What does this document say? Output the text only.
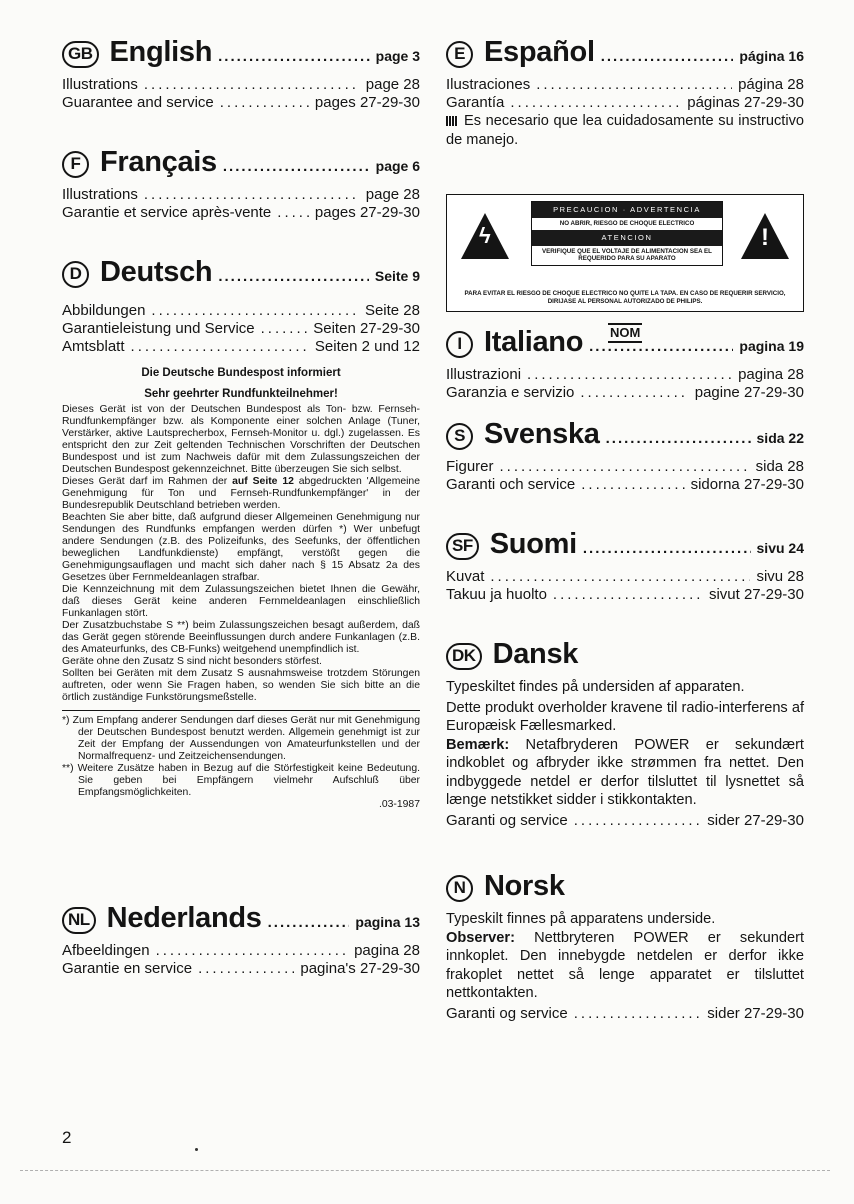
GB English .....	page 3
Illustrations .....	page 28
Guarantee and service .....	pages 27-29-30
F Français .....	page 6
Illustrations .....	page 28
Garantie et service après-vente .....	pages 27-29-30
D Deutsch .....	Seite 9
Abbildungen .....	Seite 28
Garantieleistung und Service .....	Seiten 27-29-30
Amtsblatt .....	Seiten 2 und 12
Die Deutsche Bundespost informiert
Sehr geehrter Rundfunkteilnehmer!
Dieses Gerät ist von der Deutschen Bundespost als Ton- bzw. Fernseh-Rundfunkempfänger bzw. als Komponente einer solchen Anlage (Tuner, Verstärker, aktive Lautsprecherbox, Fernseh-Monitor u. dgl.) zugelassen. Es entspricht den zur Zeit geltenden Technischen Vorschriften der Deutschen Bundespost und ist zum Nachweis dafür mit dem Zulassungszeichen der Deutschen Bundespost gekennzeichnet. Bitte überzeugen Sie sich selbst.
Dieses Gerät darf im Rahmen der auf Seite 12 abgedruckten 'Allgemeine Genehmigung für Ton und Fernseh-Rundfunkempfänger' in der Bundesrepublik Deutschland betrieben werden.
Beachten Sie aber bitte, daß aufgrund dieser Allgemeinen Genehmigung nur Sendungen des Rundfunks empfangen werden dürfen *) Wer unbefugt andere Sendungen (z.B. des Polizeifunks, des Seefunks, der öffentlichen beweglichen Landfunkdienste) empfängt, verstößt gegen die Genehmigungsauflagen und macht sich daher nach § 15 Absatz 2a des Gesetzes über Fernmeldeanlagen strafbar.
Die Kennzeichnung mit dem Zulassungszeichen bietet Ihnen die Gewähr, daß dieses Gerät keine anderen Fernmeldeanlagen einschließlich Funkanlagen stört.
Der Zusatzbuchstabe S **) beim Zulassungszeichen besagt außerdem, daß das Gerät gegen störende Beeinflussungen durch andere Funkanlagen (z.B. des Amateurfunks, des CB-Funks) weitgehend unempfindlich ist.
Geräte ohne den Zusatz S sind nicht besonders störfest.
Sollten bei Geräten mit dem Zusatz S ausnahmsweise trotzdem Störungen auftreten, oder wenn Sie Fragen haben, so wenden Sie sich bitte an die örtlich zuständige Funkstörungsmeßstelle.
*) Zum Empfang anderer Sendungen darf dieses Gerät nur mit Genehmigung der Deutschen Bundespost benutzt werden. Allgemein genehmigt ist zur Zeit der Empfang der Aussendungen von Amateurfunkstellen und der Normalfrequenz- und Zeitzeichensendungen.
**) Weitere Zusätze haben in Bezug auf die Störfestigkeit keine Bedeutung. Sie geben bei Empfängern vielmehr Aufschluß über Empfangsmöglichkeiten.
.03-1987
NL Nederlands .....	pagina 13
Afbeeldingen .....	pagina 28
Garantie en service .....	pagina's 27-29-30
E Español .....	página 16
Ilustraciones .....	página 28
Garantía .....	páginas 27-29-30
Es necesario que lea cuidadosamente su instructivo de manejo.
ϟ	!
PRECAUCION · ADVERTENCIA
NO ABRIR, RIESGO DE CHOQUE ELECTRICO
ATENCION
VERIFIQUE QUE EL VOLTAJE DE ALIMENTACION SEA EL REQUERIDO PARA SU APARATO
PARA EVITAR EL RIESGO DE CHOQUE ELECTRICO NO QUITE LA TAPA. EN CASO DE REQUERIR SERVICIO, DIRIJASE AL PERSONAL AUTORIZADO DE PHILIPS.
NOM
I Italiano .....	pagina 19
Illustrazioni .....	pagina 28
Garanzia e servizio .....	pagine 27-29-30
S Svenska .....	sida 22
Figurer .....	sida 28
Garanti och service .....	sidorna 27-29-30
SF Suomi .....	sivu 24
Kuvat .....	sivu 28
Takuu ja huolto .....	sivut 27-29-30
DK Dansk
Typeskiltet findes på undersiden af apparaten.
Dette produkt overholder kravene til radio-interferens af Europæisk Fællesmarked.
Bemærk: Netafbryderen POWER er sekundært indkoblet og afbryder ikke strømmen fra nettet. Den indbyggede netdel er derfor tilsluttet til lysnettet så længe netstikket sidder i stikkontakten.
Garanti og service .....	sider 27-29-30
N Norsk
Typeskilt finnes på apparatens underside.
Observer: Nettbryteren POWER er sekundert innkoplet. Den innebygde netdelen er derfor ikke frakoplet nettet så lenge apparatet er tilsluttet nettkontakten.
Garanti og service .....	sider 27-29-30
2
